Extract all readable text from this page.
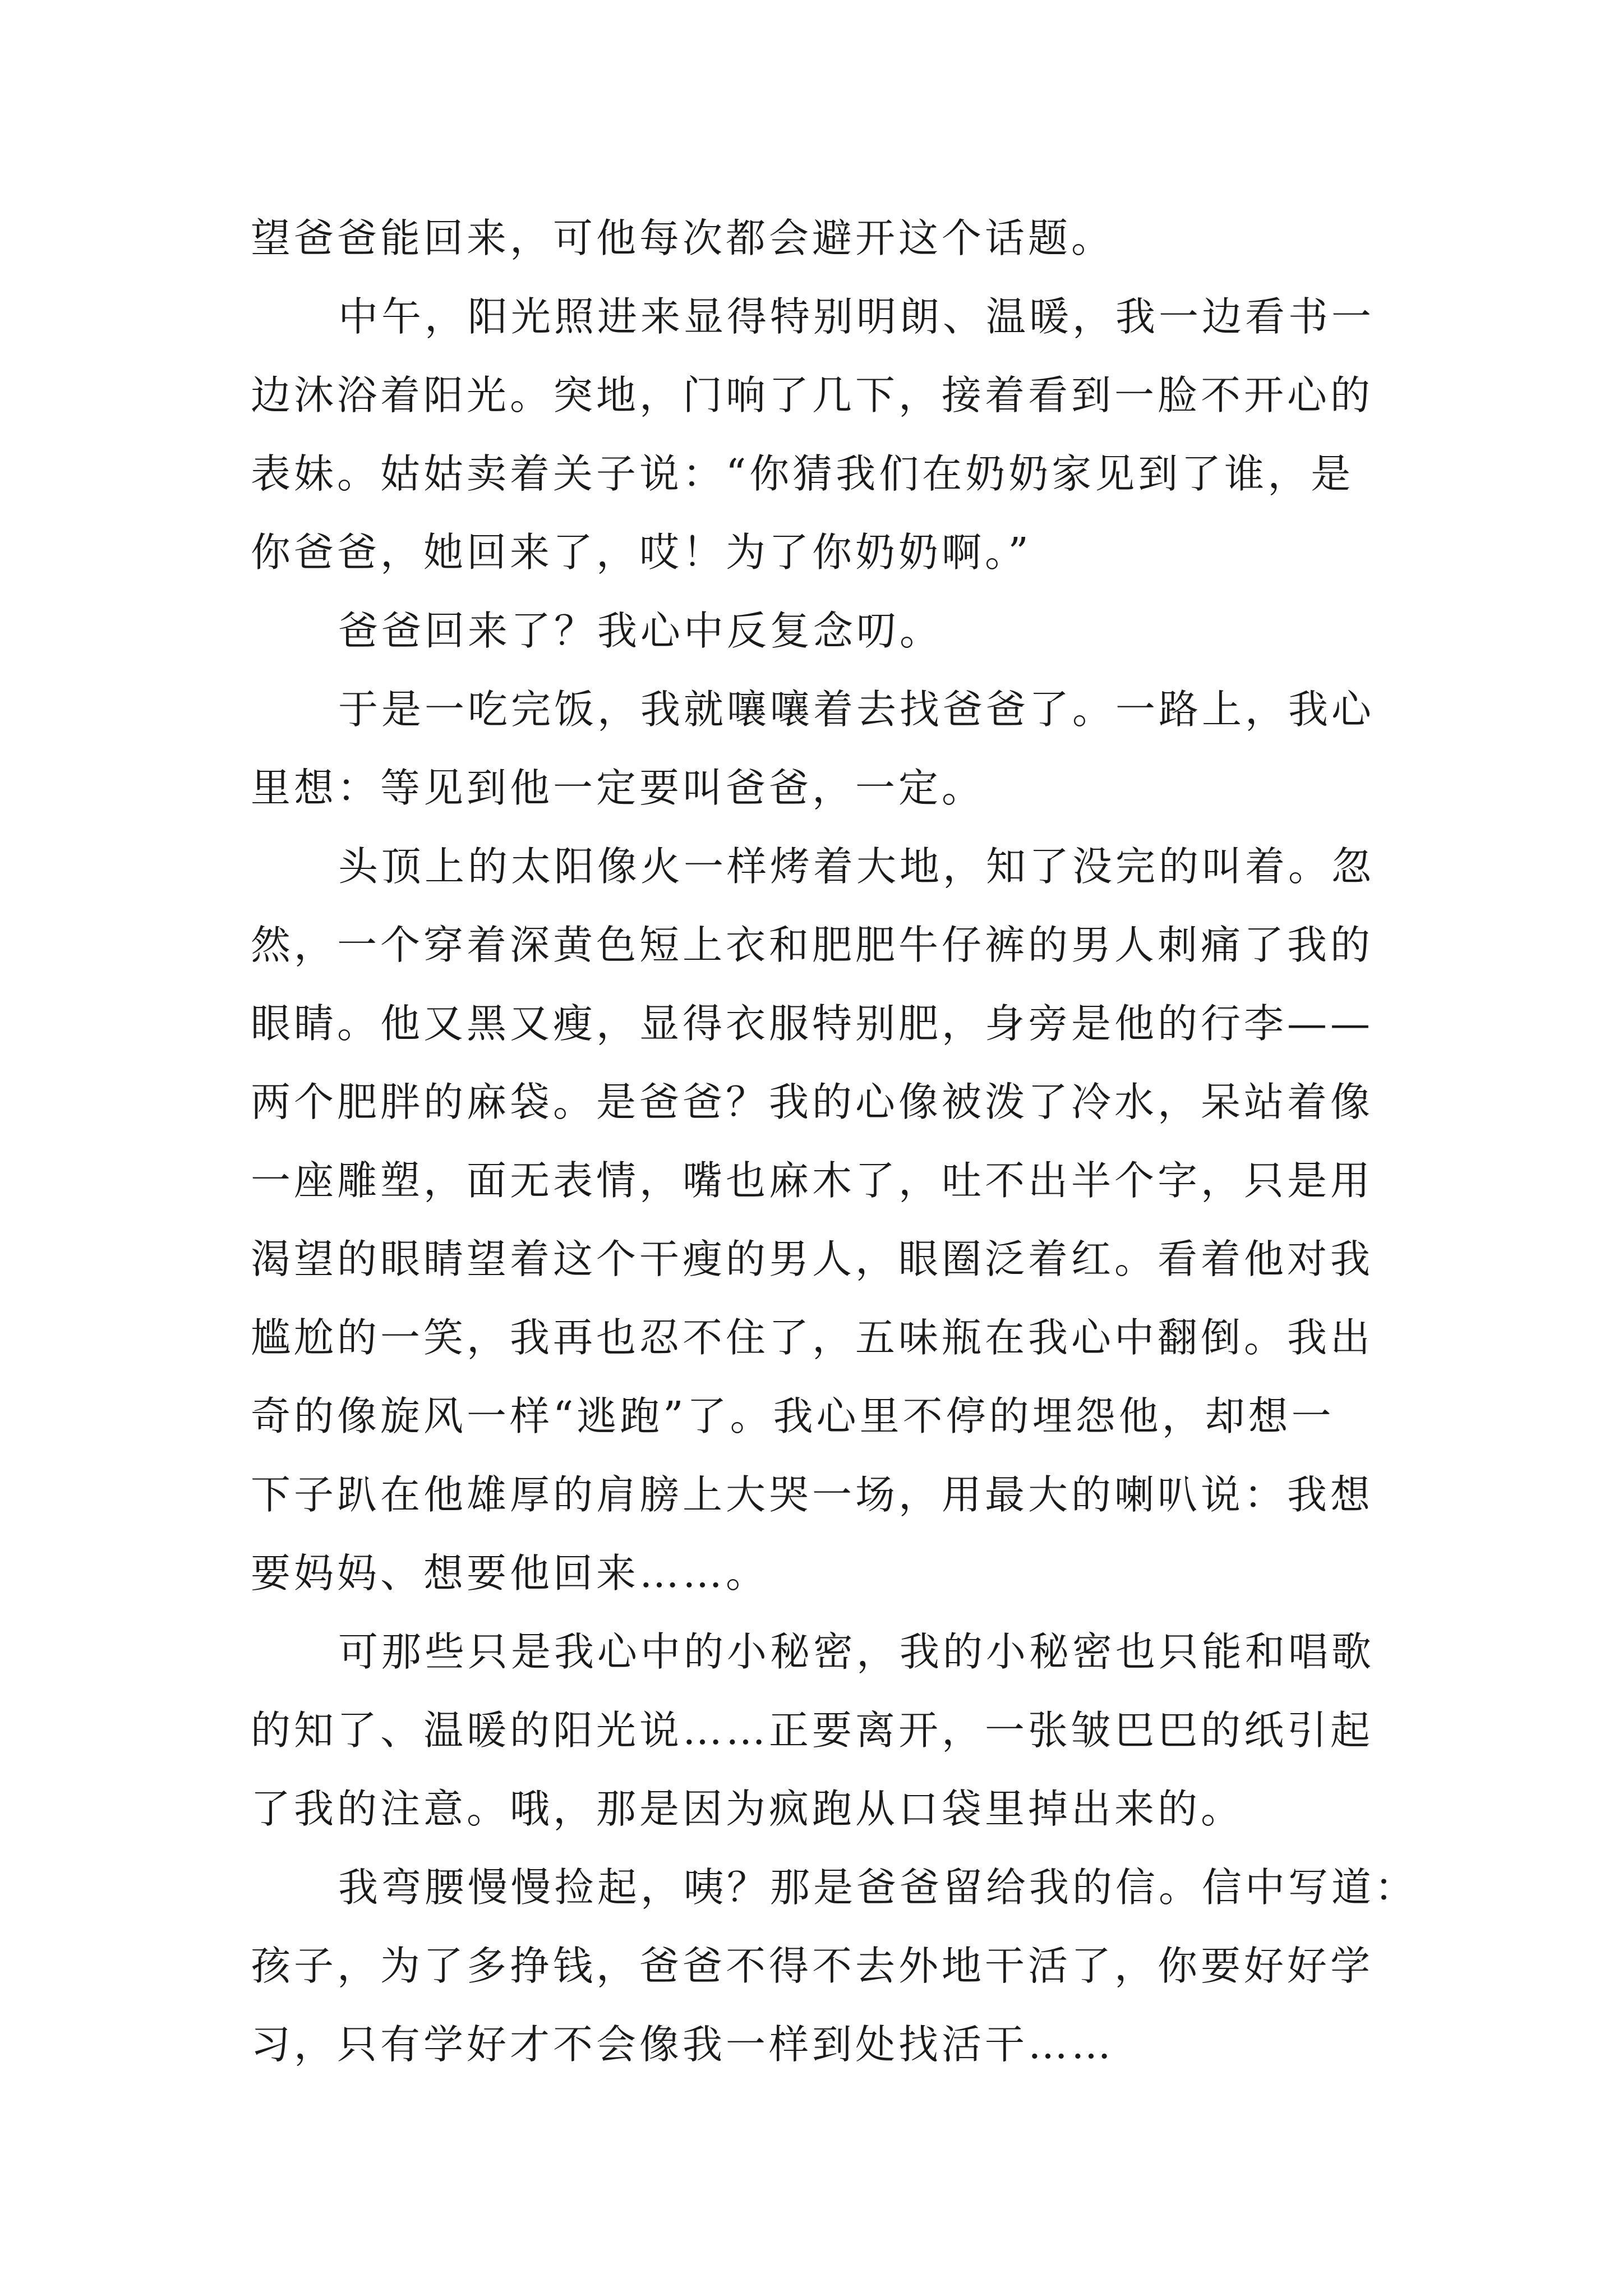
望爸爸能回来，可他每次都会避开这个话题。
中午，阳光照进来显得特别明朗、温暖，我一边看书一
边沐浴着阳光。突地，门响了几下，接着看到一脸不开心的
表妹。姑姑卖着关子说：“你猜我们在奶奶家见到了谁，是
你爸爸，她回来了，哎！为了你奶奶啊。”
爸爸回来了？我心中反复念叨。
于是一吃完饭，我就嚷嚷着去找爸爸了。一路上，我心
里想：等见到他一定要叫爸爸，一定。
头顶上的太阳像火一样烤着大地，知了没完的叫着。忽
然，一个穿着深黄色短上衣和肥肥牛仔裤的男人刺痛了我的
眼睛。他又黑又瘦，显得衣服特别肥，身旁是他的行李——
两个肥胖的麻袋。是爸爸？我的心像被泼了冷水，呆站着像
一座雕塑，面无表情，嘴也麻木了，吐不出半个字，只是用
渴望的眼睛望着这个干瘦的男人，眼圈泛着红。看着他对我
尴尬的一笑，我再也忍不住了，五味瓶在我心中翻倒。我出
奇的像旋风一样“逃跑”了。我心里不停的埋怨他，却想一
下子趴在他雄厚的肩膀上大哭一场，用最大的喇叭说：我想
要妈妈、想要他回来……。
可那些只是我心中的小秘密，我的小秘密也只能和唱歌
的知了、温暖的阳光说……正要离开，一张皱巴巴的纸引起
了我的注意。哦，那是因为疯跑从口袋里掉出来的。
我弯腰慢慢捡起，咦？那是爸爸留给我的信。信中写道：
孩子，为了多挣钱，爸爸不得不去外地干活了，你要好好学
习，只有学好才不会像我一样到处找活干……
